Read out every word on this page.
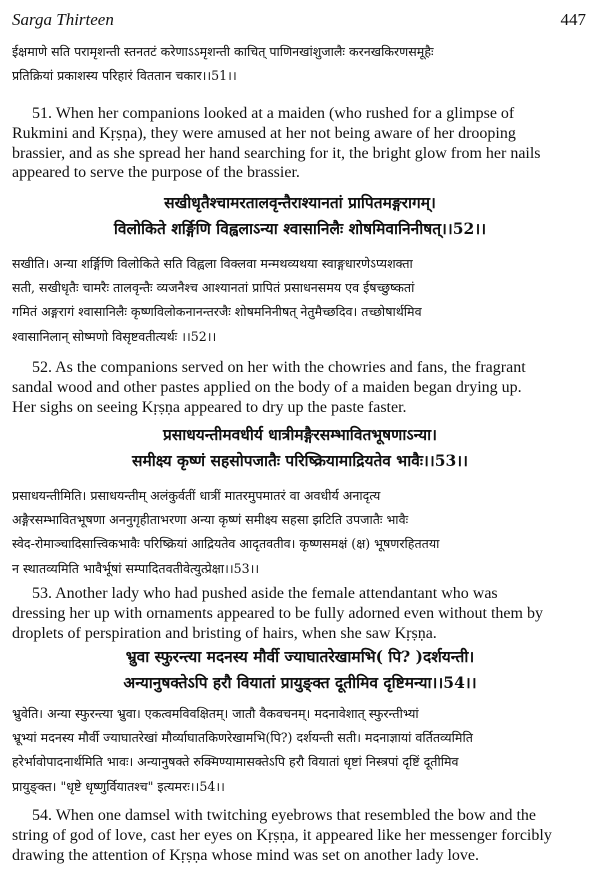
Sarga Thirteen	447
ईक्षमाणे सति परामृशन्ती स्तनतटं करेणाऽऽमृशन्ती काचित् पाणिनखांशुजालैः करनखकिरणसमूहैः
प्रतिक्रियां प्रकाशस्य परिहारं विततान चकार।।51।।
51. When her companions looked at a maiden (who rushed for a glimpse of
Rukmini and Kṛṣṇa), they were amused at her not being aware of her drooping
brassier, and as she spread her hand searching for it, the bright glow from her nails
appeared to serve the purpose of the brassier.
सखीधृतैश्चामरतालवृन्तैराश्यानतां प्रापितमङ्गरागम्।
विलोकिते शर्ङ्गिणि विह्वलाऽन्या श्वासानिलैः शोषमिवानिनीषत्।।52।।
सखीति। अन्या शर्ङ्गिणि विलोकिते सति विह्वला विक्लवा मन्मथव्यथया स्वाङ्गधारणेऽप्यशक्ता
सती, सखीधृतैः चामरैः तालवृन्तैः व्यजनैश्च आश्यानतां प्रापितं प्रसाधनसमय एव ईषच्छुष्कतां
गमितं अङ्गरागं श्वासानिलैः कृष्णविलोकनानन्तरजैः शोषमनिनीषत् नेतुमैच्छदिव। तच्छोषार्थमिव
श्वासानिलान् सोष्मणो विसृष्टवतीत्यर्थः ।।52।।
52. As the companions served on her with the chowries and fans, the fragrant
sandal wood and other pastes applied on the body of a maiden began drying up.
Her sighs on seeing Kṛṣṇa appeared to dry up the paste faster.
प्रसाधयन्तीमवधीर्य धात्रीमङ्गैरसम्भावितभूषणाऽन्या।
समीक्ष्य कृष्णं सहसोपजातैः परिष्क्रियामाद्रियतेव भावैः।।53।।
प्रसाधयन्तीमिति। प्रसाधयन्तीम् अलंकुर्वतीं धात्रीं मातरमुपमातरं वा अवधीर्य अनादृत्य
अङ्गैरसम्भावितभूषणा अननुगृहीताभरणा अन्या कृष्णं समीक्ष्य सहसा झटिति उपजातैः भावैः
स्वेद-रोमाञ्चादिसात्त्विकभावैः परिष्क्रियां आद्रियतेव आदृतवतीव। कृष्णसमक्षं (क्ष) भूषणरहिततया
न स्थातव्यमिति भावैर्भूषां सम्पादितवतीवेत्युत्प्रेक्षा।।53।।
53. Another lady who had pushed aside the female attendantant who was
dressing her up with ornaments appeared to be fully adorned even without them by
droplets of perspiration and bristing of hairs, when she saw Kṛṣṇa.
भ्रुवा स्फुरन्त्या मदनस्य मौर्वी ज्याघातरेखामभि( पि? )दर्शयन्ती।
अन्यानुषक्तेऽपि हरौ वियातां प्रायुङ्क्त दूतीमिव दृष्टिमन्या।।54।।
भ्रुवेति। अन्या स्फुरन्त्या भ्रुवा। एकत्वमविवक्षितम्। जातौ वैकवचनम्। मदनावेशात् स्फुरन्तीभ्यां
भ्रूभ्यां मदनस्य मौर्वी ज्याघातरेखां मौर्व्याघातकिणरेखामभि(पि?) दर्शयन्ती सती। मदनाज्ञायां वर्तितव्यमिति
हरेर्भावोपादनार्थमिति भावः। अन्यानुषक्ते रुक्मिण्यामासक्तेऽपि हरौ वियातां धृष्टां निस्त्रपां दृष्टिं दूतीमिव
प्रायुङ्क्त। "धृष्टे धृष्णुर्वियातश्च" इत्यमरः।।54।।
54. When one damsel with twitching eyebrows that resembled the bow and the
string of god of love, cast her eyes on Kṛṣṇa, it appeared like her messenger forcibly
drawing the attention of Kṛṣṇa whose mind was set on another lady love.
